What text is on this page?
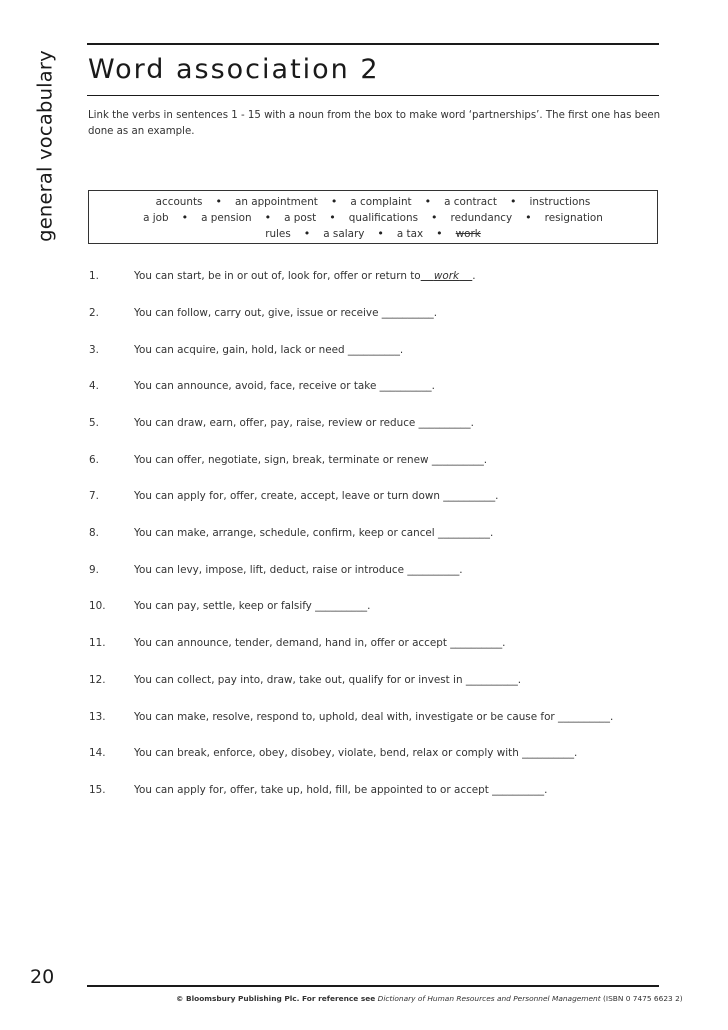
general vocabulary Word association 2

Link the verbs in sentences 1 - 15 with a noun from the box to make word ‘partnerships’. The first one has been done as an example.

accounts • an appointment • a complaint • a contract • instructions
a job • a pension • a post • qualifications • redundancy • resignation
rules • a salary • a tax • work
1.	You can start, be in or out of, look for, offer or return to work .
2.	You can follow, carry out, give, issue or receive __________.
3.	You can acquire, gain, hold, lack or need __________.
4.	You can announce, avoid, face, receive or take __________.
5.	You can draw, earn, offer, pay, raise, review or reduce __________.
6.	You can offer, negotiate, sign, break, terminate or renew __________.
7.	You can apply for, offer, create, accept, leave or turn down __________.
8.	You can make, arrange, schedule, confirm, keep or cancel __________.
9.	You can levy, impose, lift, deduct, raise or introduce __________.
10.	You can pay, settle, keep or falsify __________.
11.	You can announce, tender, demand, hand in, offer or accept __________.
12.	You can collect, pay into, draw, take out, qualify for or invest in __________.
13.	You can make, resolve, respond to, uphold, deal with, investigate or be cause for __________.
14.	You can break, enforce, obey, disobey, violate, bend, relax or comply with __________.
15.	You can apply for, offer, take up, hold, fill, be appointed to or accept __________.
20
© Bloomsbury Publishing Plc. For reference see Dictionary of Human Resources and Personnel Management (ISBN 0 7475 6623 2)
